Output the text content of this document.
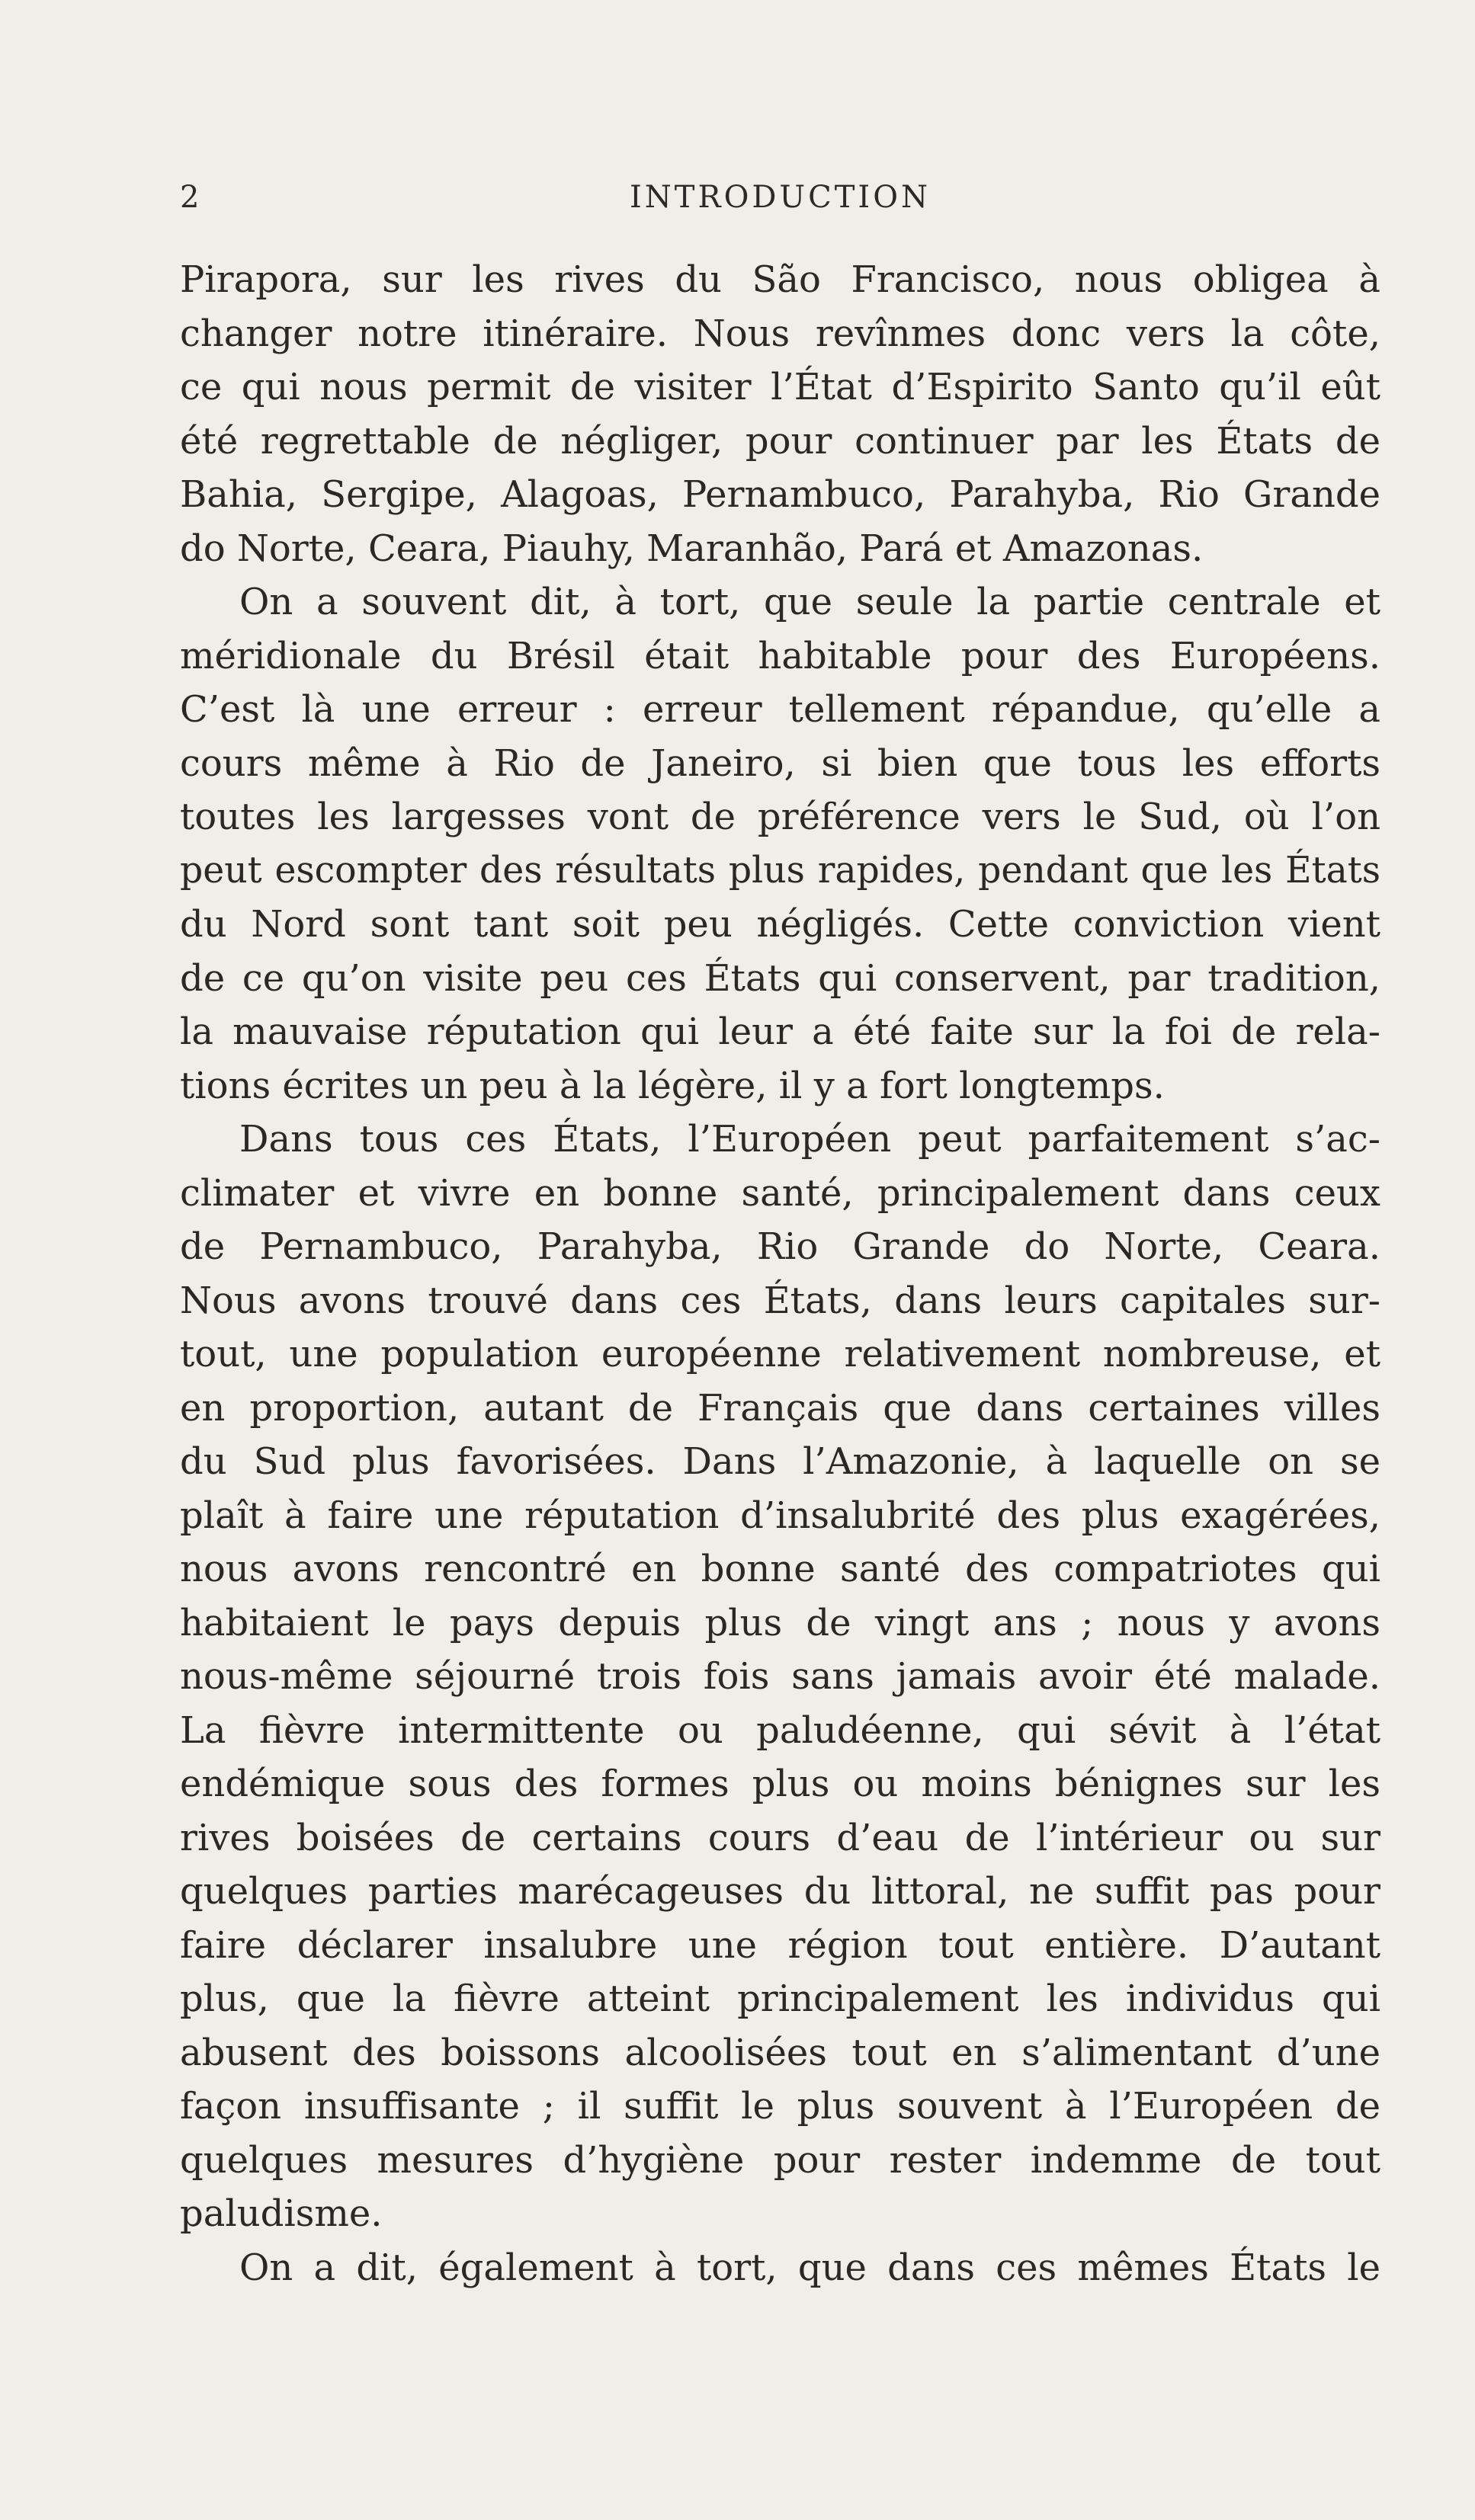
2	INTRODUCTION
Pirapora, sur les rives du São Francisco, nous obligea à
changer notre itinéraire. Nous revînmes donc vers la côte,
ce qui nous permit de visiter l’État d’Espirito Santo qu’il eût
été regrettable de négliger, pour continuer par les États de
Bahia, Sergipe, Alagoas, Pernambuco, Parahyba, Rio Grande
do Norte, Ceara, Piauhy, Maranhão, Pará et Amazonas.
On a souvent dit, à tort, que seule la partie centrale et
méridionale du Brésil était habitable pour des Européens.
C’est là une erreur : erreur tellement répandue, qu’elle a
cours même à Rio de Janeiro, si bien que tous les efforts
toutes les largesses vont de préférence vers le Sud, où l’on
peut escompter des résultats plus rapides, pendant que les États
du Nord sont tant soit peu négligés. Cette conviction vient
de ce qu’on visite peu ces États qui conservent, par tradition,
la mauvaise réputation qui leur a été faite sur la foi de rela-
tions écrites un peu à la légère, il y a fort longtemps.
Dans tous ces États, l’Européen peut parfaitement s’ac-
climater et vivre en bonne santé, principalement dans ceux
de Pernambuco, Parahyba, Rio Grande do Norte, Ceara.
Nous avons trouvé dans ces États, dans leurs capitales sur-
tout, une population européenne relativement nombreuse, et
en proportion, autant de Français que dans certaines villes
du Sud plus favorisées. Dans l’Amazonie, à laquelle on se
plaît à faire une réputation d’insalubrité des plus exagérées,
nous avons rencontré en bonne santé des compatriotes qui
habitaient le pays depuis plus de vingt ans ; nous y avons
nous-même séjourné trois fois sans jamais avoir été malade.
La fièvre intermittente ou paludéenne, qui sévit à l’état
endémique sous des formes plus ou moins bénignes sur les
rives boisées de certains cours d’eau de l’intérieur ou sur
quelques parties marécageuses du littoral, ne suffit pas pour
faire déclarer insalubre une région tout entière. D’autant
plus, que la fièvre atteint principalement les individus qui
abusent des boissons alcoolisées tout en s’alimentant d’une
façon insuffisante ; il suffit le plus souvent à l’Européen de
quelques mesures d’hygiène pour rester indemme de tout
paludisme.
On a dit, également à tort, que dans ces mêmes États le
